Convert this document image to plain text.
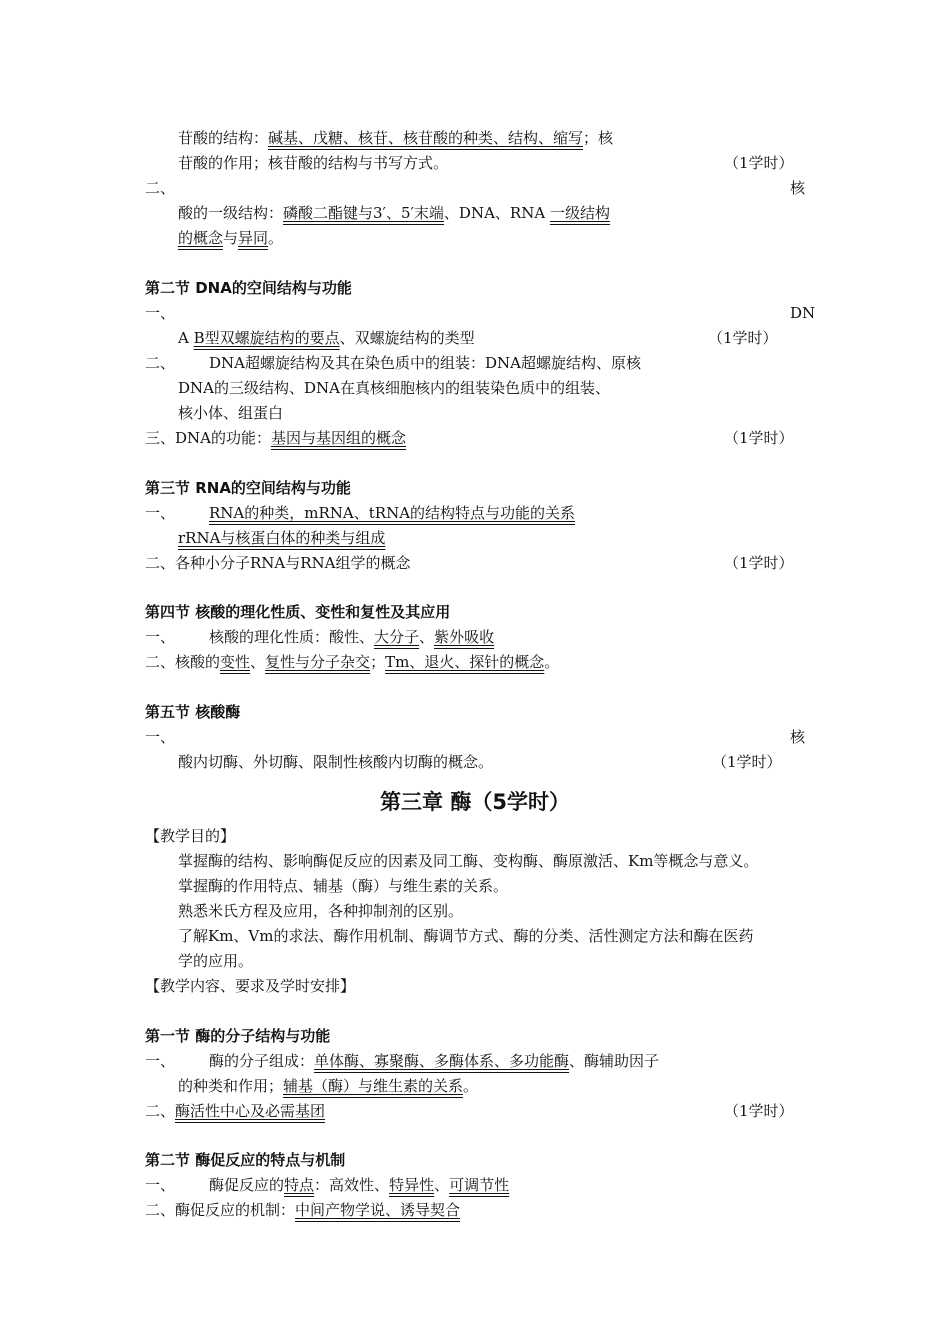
苷酸的结构：碱基、戊糖、核苷、核苷酸的种类、结构、缩写；核
苷酸的作用；核苷酸的结构与书写方式。	（1学时）
二、	核
酸的一级结构：磷酸二酯键与3′、5′末端、DNA、RNA 一级结构
的概念与异同。
第二节 DNA的空间结构与功能
一、	DN
A B型双螺旋结构的要点、双螺旋结构的类型	（1学时）
二、 DNA超螺旋结构及其在染色质中的组装：DNA超螺旋结构、原核
DNA的三级结构、DNA在真核细胞核内的组装染色质中的组装、
核小体、组蛋白
三、DNA的功能：基因与基因组的概念	（1学时）
第三节 RNA的空间结构与功能
一、 RNA的种类，mRNA、tRNA的结构特点与功能的关系
rRNA与核蛋白体的种类与组成
二、各种小分子RNA与RNA组学的概念	（1学时）
第四节 核酸的理化性质、变性和复性及其应用
一、 核酸的理化性质：酸性、大分子、紫外吸收
二、核酸的变性、复性与分子杂交；Tm、退火、探针的概念。
第五节 核酸酶
一、	核
酸内切酶、外切酶、限制性核酸内切酶的概念。	（1学时）
第三章 酶（5学时）
【教学目的】
掌握酶的结构、影响酶促反应的因素及同工酶、变构酶、酶原激活、Km等概念与意义。
掌握酶的作用特点、辅基（酶）与维生素的关系。
熟悉米氏方程及应用，各种抑制剂的区别。
了解Km、Vm的求法、酶作用机制、酶调节方式、酶的分类、活性测定方法和酶在医药
学的应用。
【教学内容、要求及学时安排】
第一节 酶的分子结构与功能
一、 酶的分子组成：单体酶、寡聚酶、多酶体系、多功能酶、酶辅助因子
的种类和作用；辅基（酶）与维生素的关系。
二、酶活性中心及必需基团	（1学时）
第二节 酶促反应的特点与机制
一、 酶促反应的特点：高效性、特异性、可调节性
二、酶促反应的机制：中间产物学说、诱导契合
